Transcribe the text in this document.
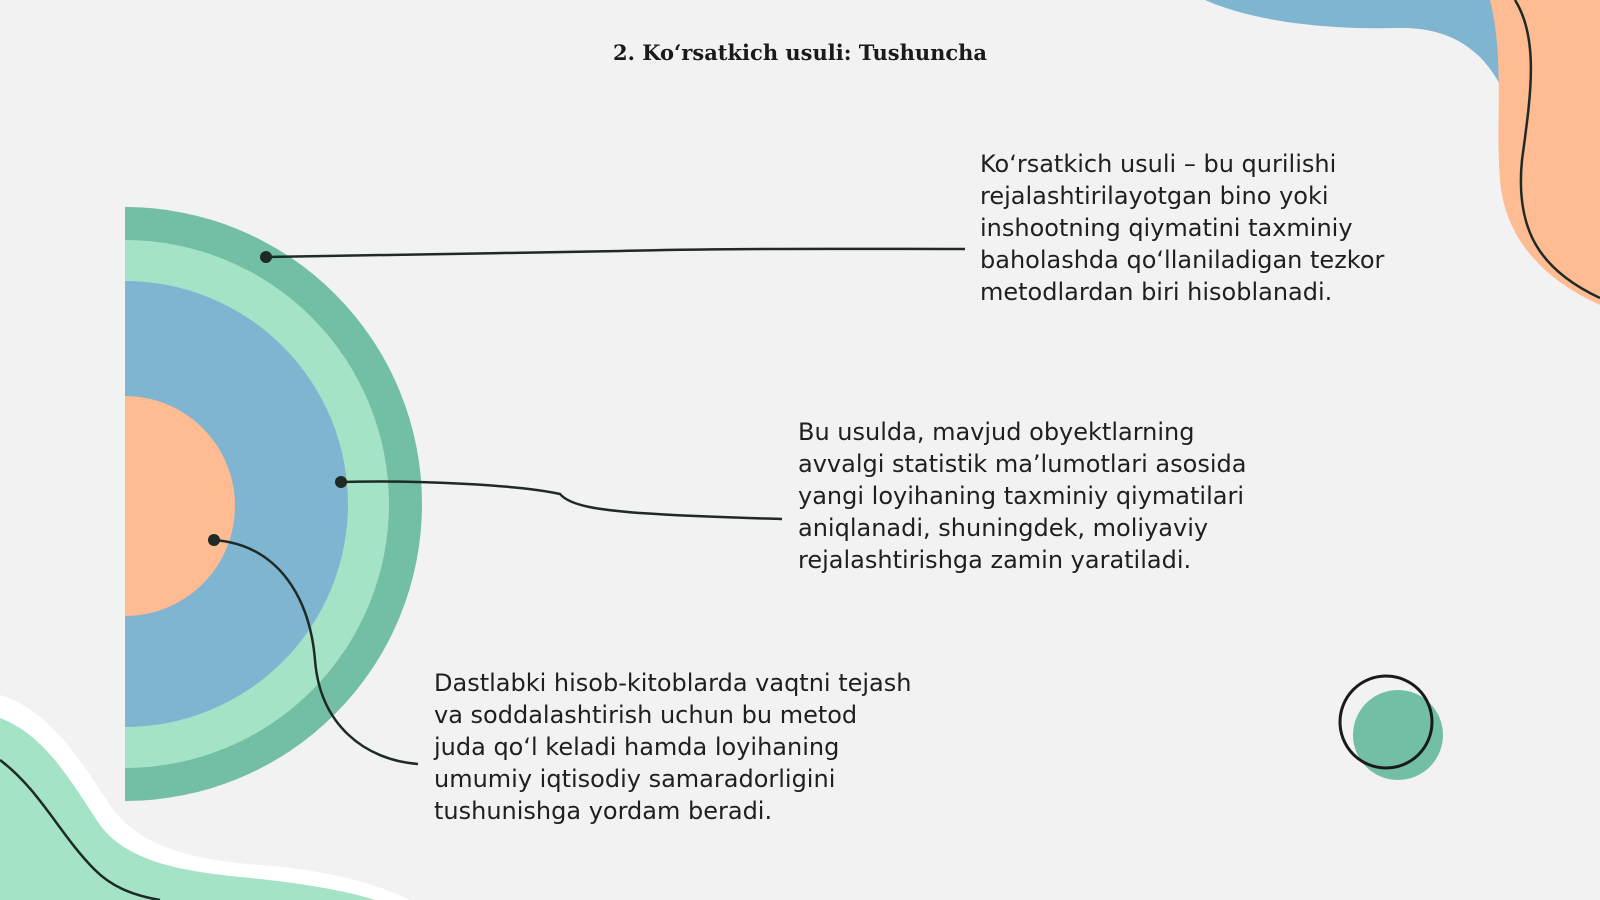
2. Koʻrsatkich usuli: Tushuncha

Ko‘rsatkich usuli – bu qurilishi rejalashtirilayotgan bino yoki inshootning qiymatini taxminiy baholashda qo‘llaniladigan tezkor metodlardan biri hisoblanadi.

Bu usulda, mavjud obyektlarning avvalgi statistik ma’lumotlari asosida yangi loyihaning taxminiy qiymatilari aniqlanadi, shuningdek, moliyaviy rejalashtirishga zamin yaratiladi.

Dastlabki hisob-kitoblarda vaqtni tejash va soddalashtirish uchun bu metod juda qo‘l keladi hamda loyihaning umumiy iqtisodiy samaradorligini tushunishga yordam beradi.
